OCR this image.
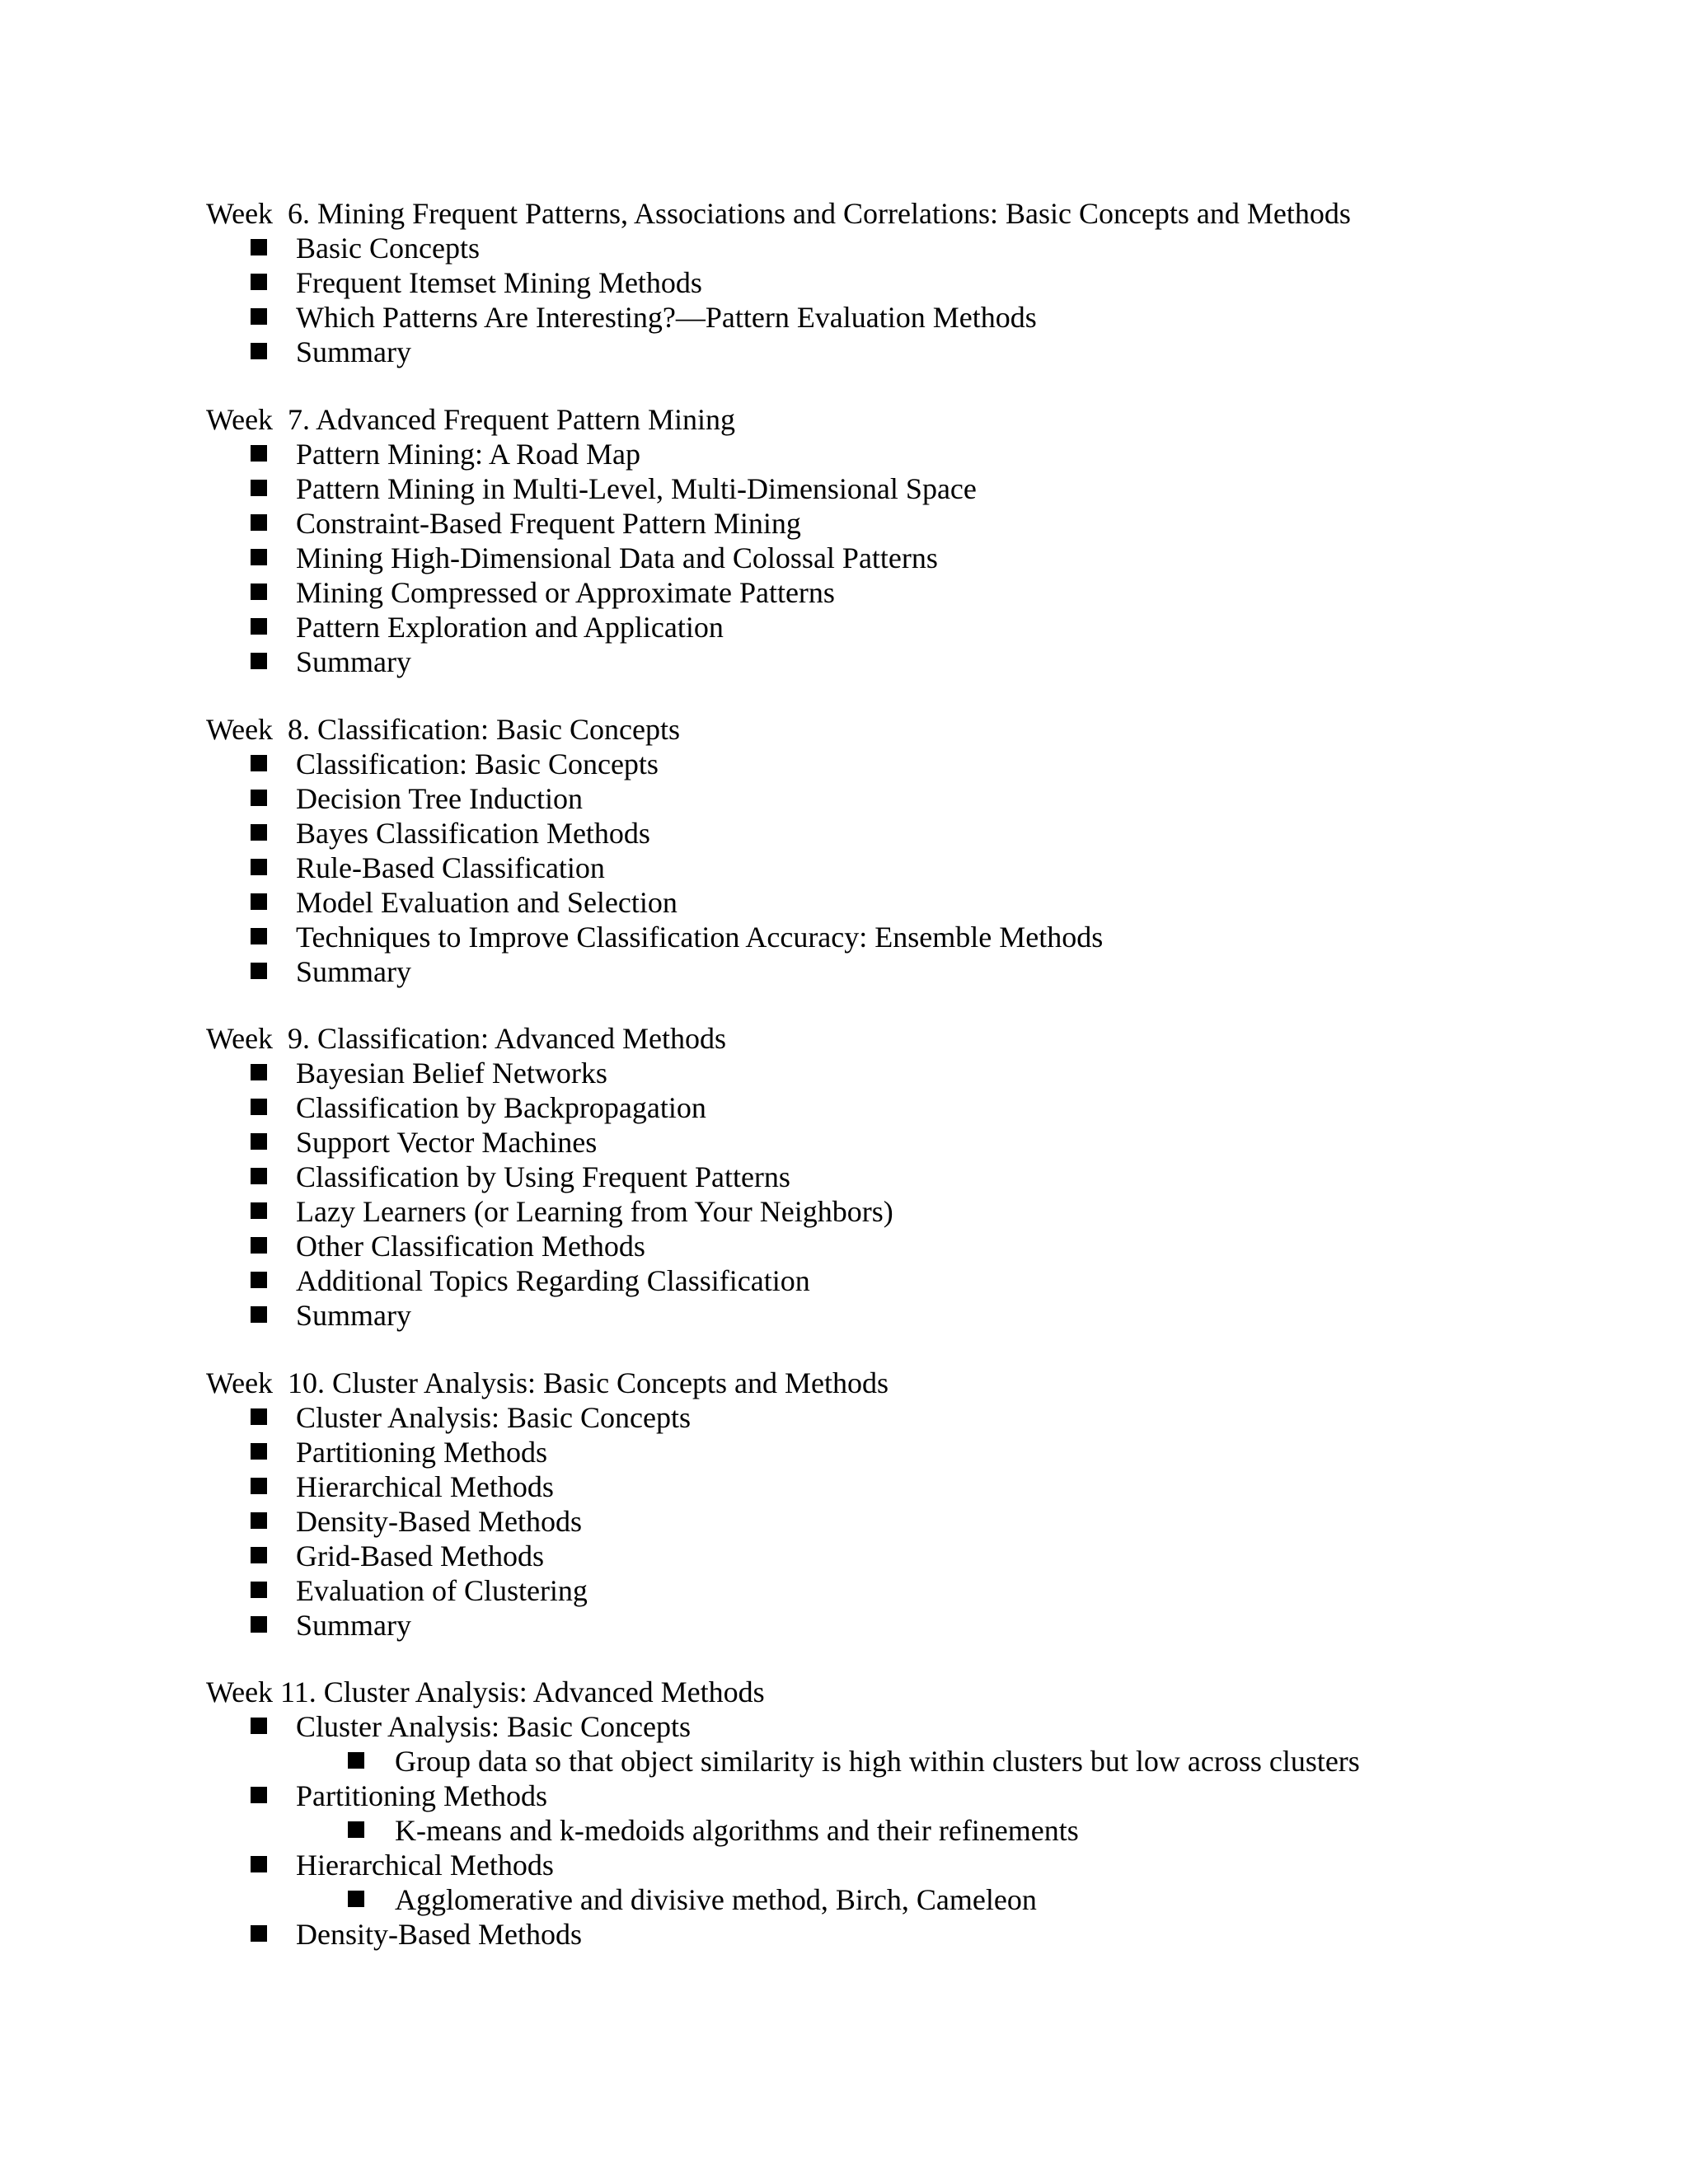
Week  6. Mining Frequent Patterns, Associations and Correlations: Basic Concepts and Methods
Basic Concepts
Frequent Itemset Mining Methods
Which Patterns Are Interesting?—Pattern Evaluation Methods
Summary
Week  7. Advanced Frequent Pattern Mining
Pattern Mining: A Road Map
Pattern Mining in Multi-Level, Multi-Dimensional Space
Constraint-Based Frequent Pattern Mining
Mining High-Dimensional Data and Colossal Patterns
Mining Compressed or Approximate Patterns
Pattern Exploration and Application
Summary
Week  8. Classification: Basic Concepts
Classification: Basic Concepts
Decision Tree Induction
Bayes Classification Methods
Rule-Based Classification
Model Evaluation and Selection
Techniques to Improve Classification Accuracy: Ensemble Methods
Summary
Week  9. Classification: Advanced Methods
Bayesian Belief Networks
Classification by Backpropagation
Support Vector Machines
Classification by Using Frequent Patterns
Lazy Learners (or Learning from Your Neighbors)
Other Classification Methods
Additional Topics Regarding Classification
Summary
Week  10. Cluster Analysis: Basic Concepts and Methods
Cluster Analysis: Basic Concepts
Partitioning Methods
Hierarchical Methods
Density-Based Methods
Grid-Based Methods
Evaluation of Clustering
Summary
Week 11. Cluster Analysis: Advanced Methods
Cluster Analysis: Basic Concepts
Group data so that object similarity is high within clusters but low across clusters
Partitioning Methods
K-means and k-medoids algorithms and their refinements
Hierarchical Methods
Agglomerative and divisive method, Birch, Cameleon
Density-Based Methods
